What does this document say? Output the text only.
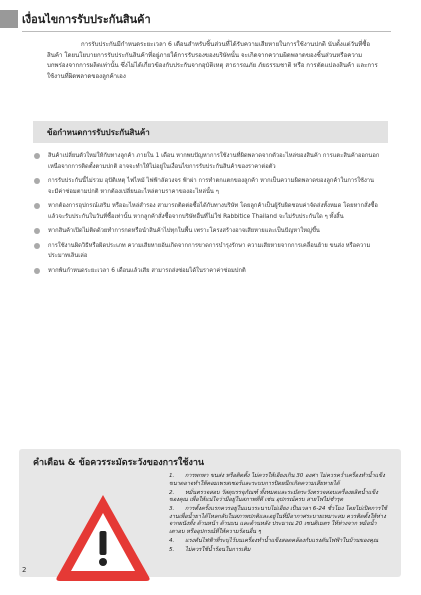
เงื่อนไขการรับประกันสินค้า

การรับประกันมีกำหนดระยะเวลา 6 เดือนสำหรับชิ้นส่วนที่ได้รับความเสียหายในการใช้งานปกติ นับตั้งแต่วันที่ซื้อสินค้า โดยนโยบายการรับประกันสินค้าที่อยู่ภายใต้การรับรองของบริษัทนั้น จะเกิดจากความผิดพลาดของชิ้นส่วนหรือความบกพร่องจากการผลิตเท่านั้น ซึ่งไม่ได้เกี่ยวข้องกับประกันจากอุบัติเหตุ สาธารณภัย ภัยธรรมชาติ หรือ การดัดแปลงสินค้า และการใช้งานที่ผิดพลาดของลูกค้าเอง

ข้อกำหนดการรับประกันสินค้า
สินค้าเปลี่ยนตัวใหม่ให้กับทางลูกค้า ภายใน 1 เดือน หากพบปัญหาการใช้งานที่ผิดพลาดจากตัวอะไหล่ของสินค้า การแตะสินค้าออกนอกเหนือจากการติดตั้งตามปกติ อาจจะทำให้ไม่อยู่ในเงื่อนไขการรับประกันสินค้าของราคาต่อตัว
การรับประกันนี้ไม่รวม อุปัติเหตุ ไฟไหม้ ไฟฟ้าลัดวงจร ฟ้าผ่า การทำตกแตกของลูกค้า หากเป็นความผิดพลาดของลูกค้าในการใช้งาน จะมีค่าซ่อมตามปกติ หากต้องเปลี่ยนอะไหล่ตามราคาของอะไหล่นั้น ๆ
หากต้องการอุปกรณ์เสริม หรืออะไหล่สำรอง สามารถติดต่อซื้อได้กับทางบริษัท โดยลูกค้าเป็นผู้รับผิดชอบค่าจัดส่งทั้งหมด โดยหากสั่งซื้อแล้วจะรับประกันในวันที่ซื้อเท่านั้น หากลูกค้าสั่งซื้อจากบริษัทอื่นที่ไม่ใช่ Rabbitice Thailand จะไม่รับประกันใด ๆ ทั้งสิ้น
หากสินค้าเปิดไม่ติดด้วยทำการกดหรือนำสินค้าไปทุกในพื้น เพราะโครงสร้างอาจเสียหายและเป็นปัญหาใหญ่ขึ้น
การใช้งานผิดวิธีหรือผิดประเภท ความเสียหายอันเกิดจากการขาดการบำรุงรักษา ความเสียหายจากการเคลื่อนย้าย ขนส่ง หรือความประมาทเลินเล่อ
หากพ้นกำหนดระยะเวลา 6 เดือนแล้วเสีย สามารถส่งซ่อมได้ในราคาค่าซ่อมปกติ
คำเตือน & ข้อควรระมัดระวังของการใช้งาน
1. การพกพา ขนส่ง หรือติดตั้ง ไม่ควรให้เอียงเกิน 30 องศา ไม่ควรคว่ำเครื่องทำน้ำแข็งขนาดอาจทำให้คอมเพรสเซอร์และระบบการปิดผนึกเกิดความเสียหายได้
2. หมั่นตรวจสอบ วัสดุบรรจุภัณฑ์ ทั้งหมดและระมัดระวังตรวจสอบเครื่องผลิตน้ำแข็งของคุณ เพื่อให้แน่ใจว่ามีอยู่ในสภาพที่ดี เช่น อุปกรณ์ครบ สายไฟไม่ชำรุด
3. การตั้งครั้งแรกควรอยู่ในแนวระนาบไม่เอียง เป็นเวลา 6-24 ชั่วโมง โดยไม่เปิดการใช้งานเพื่อน้ำยาได้ไหลกลับในสภาพปกติและอยู่ในที่มีอากาศระบายเหมาะสม ควรติดตั้งให้ห่างจากผนังทั้ง ด้านหน้า ด้านบน และด้านหลัง ประมาณ 20 เซนติเมตร ให้ห่างจาก หม้อน้ำ เตาอบ หรืออุปกรณ์ที่ให้ความร้อนอื่น ๆ
4. แรงดันไฟฟ้าที่ระบุไว้บนเครื่องทำน้ำแข็งสอดคล้องกับแรงดันไฟฟ้าในบ้านของคุณ
5. ไม่ควรใช้น้ำร้อนในการเติม
2
